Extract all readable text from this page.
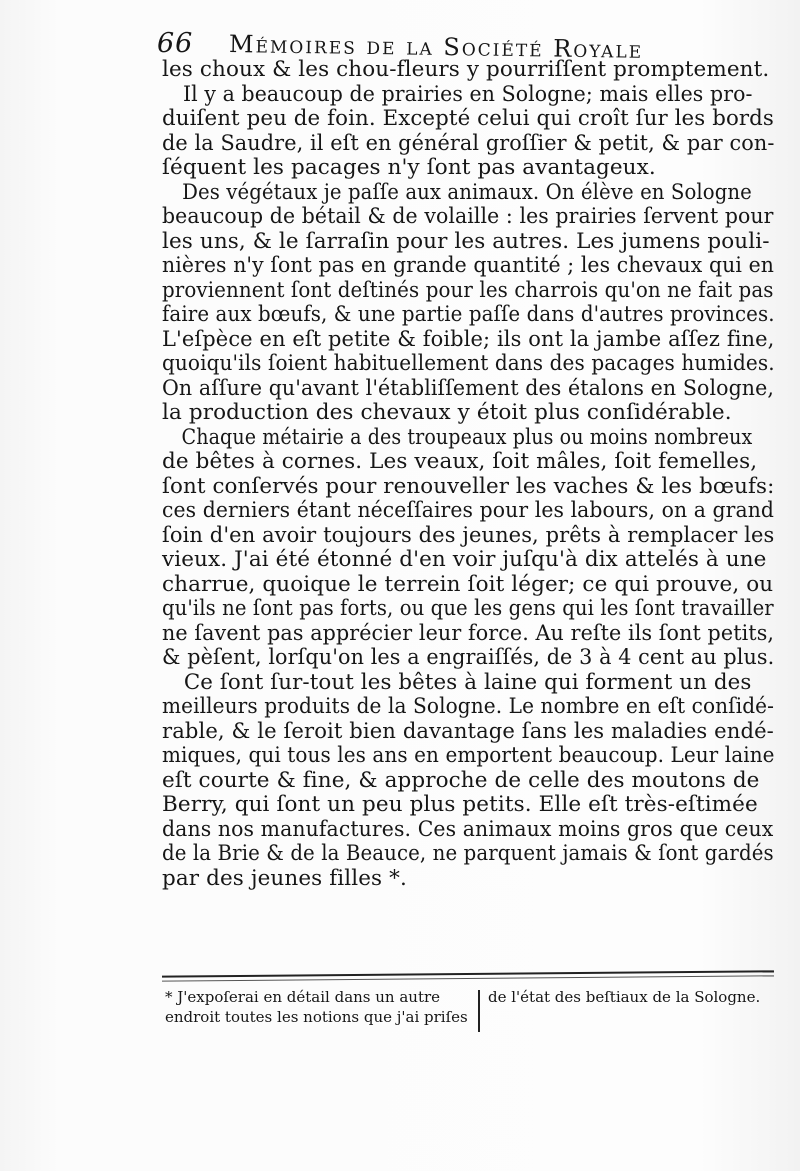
66 Mémoires de la Société Royale
les choux & les chou-fleurs y pourriſſent promptement.
Il y a beaucoup de prairies en Sologne; mais elles pro-
duiſent peu de foin. Excepté celui qui croît ſur les bords
de la Saudre, il eſt en général groſſier & petit, & par con-
ſéquent les pacages n'y ſont pas avantageux.
Des végétaux je paſſe aux animaux. On élève en Sologne
beaucoup de bétail & de volaille : les prairies ſervent pour
les uns, & le ſarraſin pour les autres. Les jumens pouli-
nières n'y ſont pas en grande quantité ; les chevaux qui en
proviennent ſont deſtinés pour les charrois qu'on ne fait pas
faire aux bœufs, & une partie paſſe dans d'autres provinces.
L'eſpèce en eſt petite & foible; ils ont la jambe aſſez fine,
quoiqu'ils ſoient habituellement dans des pacages humides.
On aſſure qu'avant l'établiſſement des étalons en Sologne,
la production des chevaux y étoit plus conſidérable.
Chaque métairie a des troupeaux plus ou moins nombreux
de bêtes à cornes. Les veaux, ſoit mâles, ſoit femelles,
ſont conſervés pour renouveller les vaches & les bœufs:
ces derniers étant néceſſaires pour les labours, on a grand
ſoin d'en avoir toujours des jeunes, prêts à remplacer les
vieux. J'ai été étonné d'en voir juſqu'à dix attelés à une
charrue, quoique le terrein ſoit léger; ce qui prouve, ou
qu'ils ne ſont pas forts, ou que les gens qui les ſont travailler
ne ſavent pas apprécier leur force. Au reſte ils ſont petits,
& pèſent, lorſqu'on les a engraiſſés, de 3 à 4 cent au plus.
Ce ſont ſur-tout les bêtes à laine qui forment un des
meilleurs produits de la Sologne. Le nombre en eſt conſidé-
rable, & le ſeroit bien davantage ſans les maladies endé-
miques, qui tous les ans en emportent beaucoup. Leur laine
eſt courte & fine, & approche de celle des moutons de
Berry, qui ſont un peu plus petits. Elle eſt très-eſtimée
dans nos manufactures. Ces animaux moins gros que ceux
de la Brie & de la Beauce, ne parquent jamais & ſont gardés
par des jeunes filles *.
* J'expoſerai en détail dans un autre
endroit toutes les notions que j'ai priſes
de l'état des beſtiaux de la Sologne.
